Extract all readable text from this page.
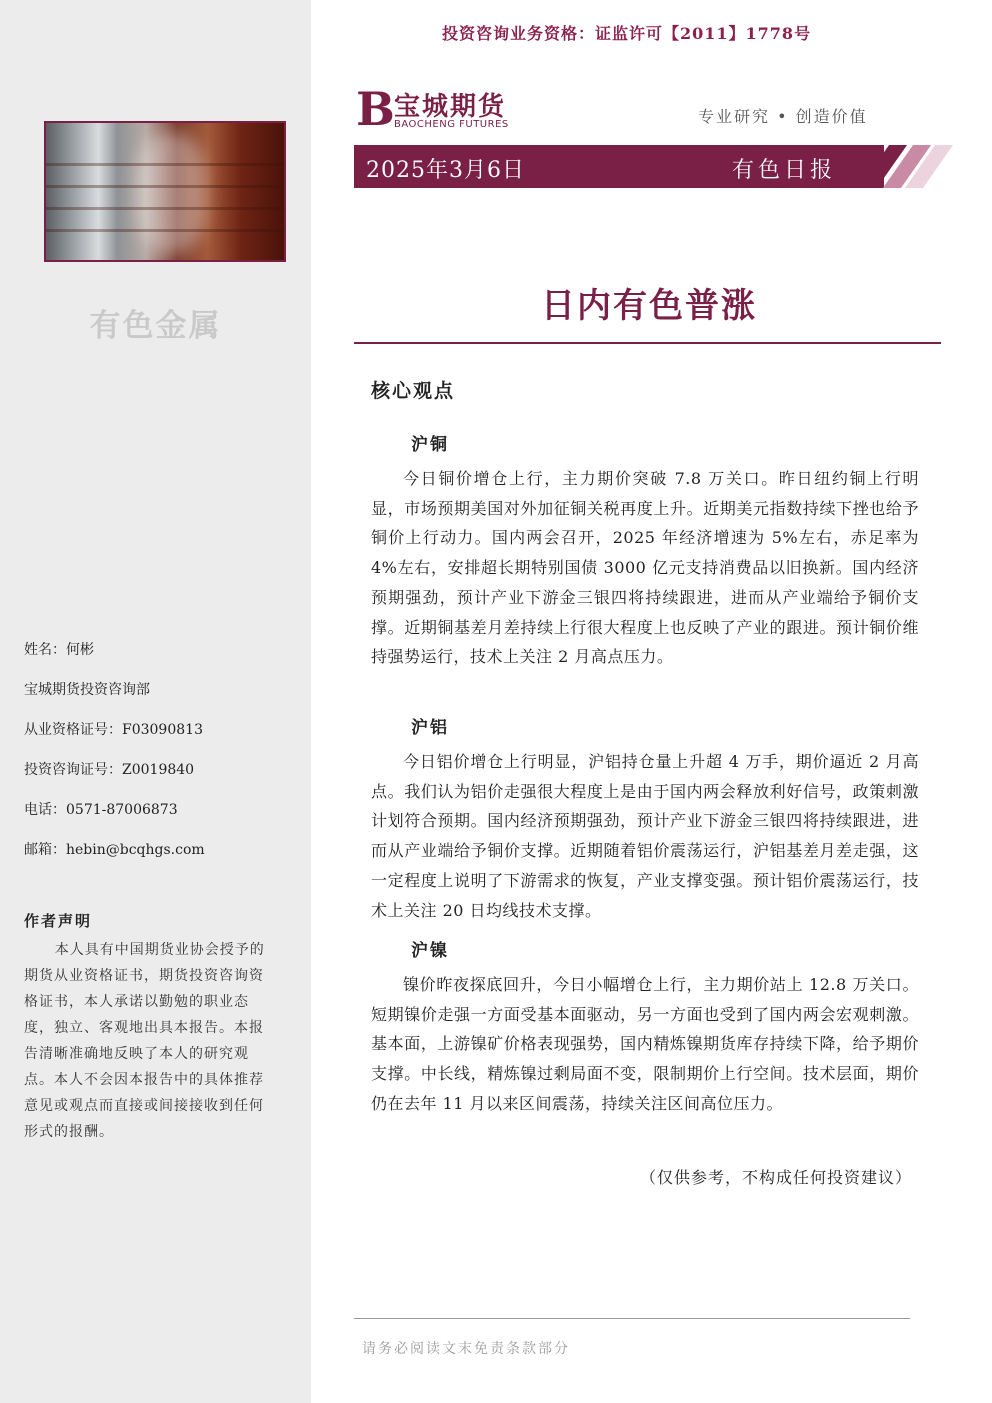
有色金属
姓名：何彬
宝城期货投资咨询部
从业资格证号：F03090813
投资咨询证号：Z0019840
电话：0571-87006873
邮箱：hebin@bcqhgs.com
作者声明
本人具有中国期货业协会授予的期货从业资格证书，期货投资咨询资格证书，本人承诺以勤勉的职业态度，独立、客观地出具本报告。本报告清晰准确地反映了本人的研究观点。本人不会因本报告中的具体推荐意见或观点而直接或间接接收到任何形式的报酬。
投资咨询业务资格：证监许可【2011】1778号
B 宝城期货
BAOCHENG FUTURES	专业研究 • 创造价值
2025年3月6日	有色日报
日内有色普涨
核心观点
沪铜
今日铜价增仓上行，主力期价突破 7.8 万关口。昨日纽约铜上行明显，市场预期美国对外加征铜关税再度上升。近期美元指数持续下挫也给予铜价上行动力。国内两会召开，2025 年经济增速为 5%左右，赤足率为 4%左右，安排超长期特别国债 3000 亿元支持消费品以旧换新。国内经济预期强劲，预计产业下游金三银四将持续跟进，进而从产业端给予铜价支撑。近期铜基差月差持续上行很大程度上也反映了产业的跟进。预计铜价维持强势运行，技术上关注 2 月高点压力。
沪铝
今日铝价增仓上行明显，沪铝持仓量上升超 4 万手，期价逼近 2 月高点。我们认为铝价走强很大程度上是由于国内两会释放利好信号，政策刺激计划符合预期。国内经济预期强劲，预计产业下游金三银四将持续跟进，进而从产业端给予铜价支撑。近期随着铝价震荡运行，沪铝基差月差走强，这一定程度上说明了下游需求的恢复，产业支撑变强。预计铝价震荡运行，技术上关注 20 日均线技术支撑。
沪镍
镍价昨夜探底回升，今日小幅增仓上行，主力期价站上 12.8 万关口。短期镍价走强一方面受基本面驱动，另一方面也受到了国内两会宏观刺激。基本面，上游镍矿价格表现强势，国内精炼镍期货库存持续下降，给予期价支撑。中长线，精炼镍过剩局面不变，限制期价上行空间。技术层面，期价仍在去年 11 月以来区间震荡，持续关注区间高位压力。
（仅供参考，不构成任何投资建议）
请务必阅读文末免责条款部分
